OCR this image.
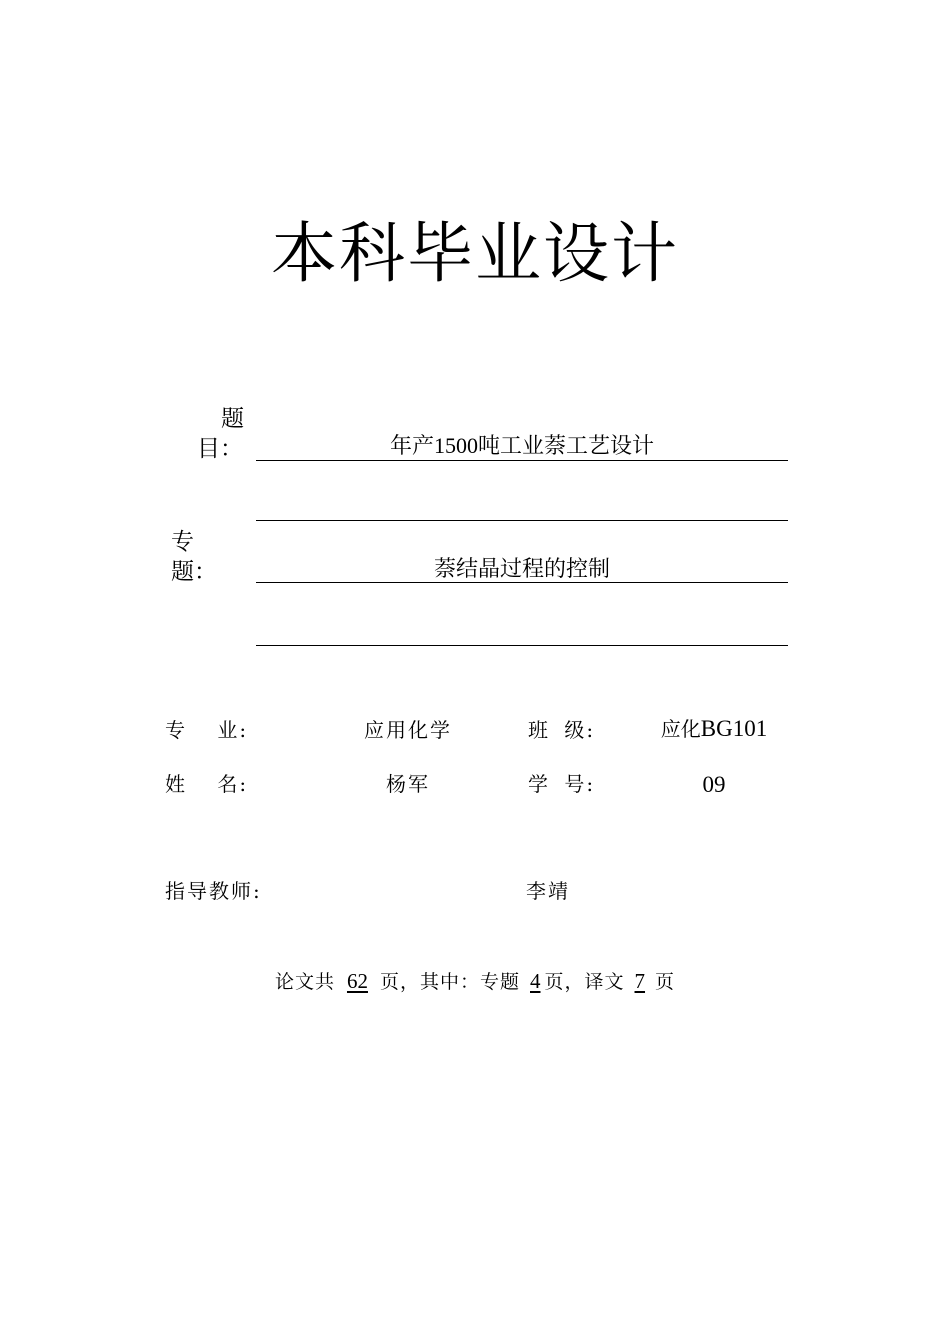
本科毕业设计
题
目：	年产1500吨工业萘工艺设计
专
题：	萘结晶过程的控制
专 业:	应用化学	班 级:	应化BG101
姓 名:	杨军	学 号:	09
指导教师:	李靖
论文共 62 页，其中：专题 4 页，译文 7 页
